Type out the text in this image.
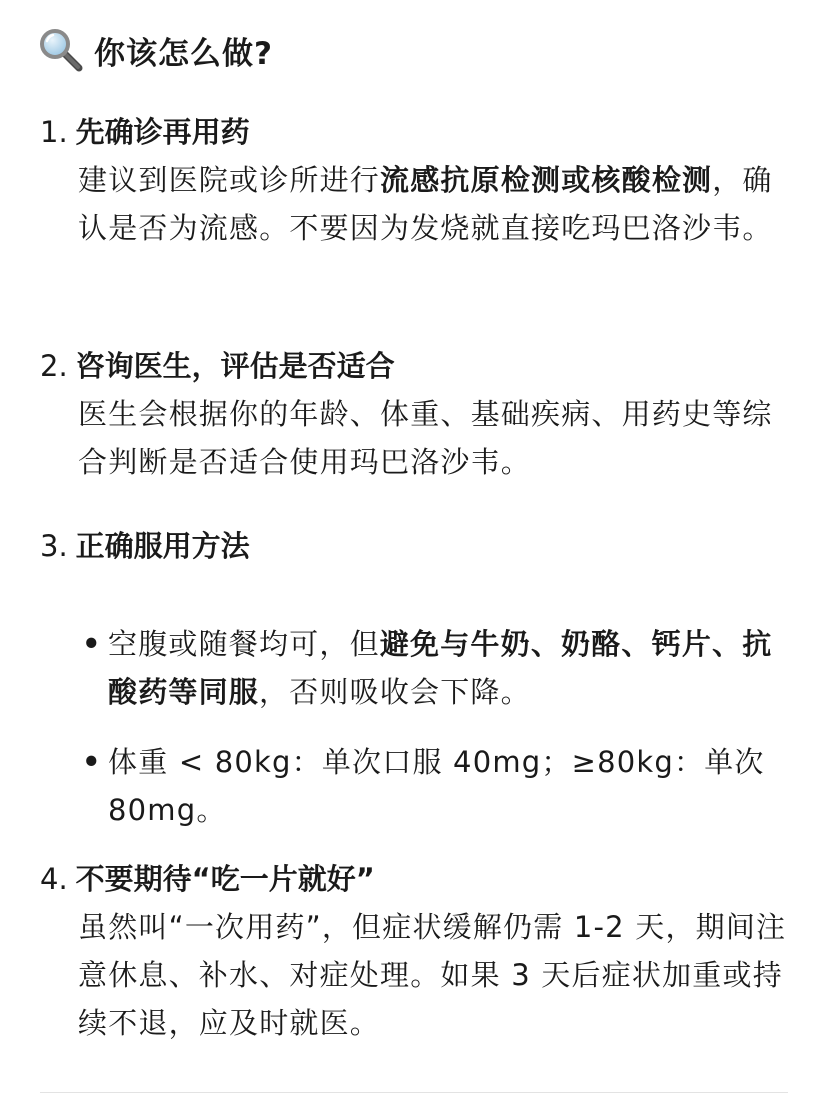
你该怎么做?
1. 先确诊再用药
建议到医院或诊所进行流感抗原检测或核酸检测，确认是否为流感。不要因为发烧就直接吃玛巴洛沙韦。
2. 咨询医生，评估是否适合
医生会根据你的年龄、体重、基础疾病、用药史等综合判断是否适合使用玛巴洛沙韦。
3. 正确服用方法
• 空腹或随餐均可，但避免与牛奶、奶酪、钙片、抗酸药等同服，否则吸收会下降。
• 体重 < 80kg：单次口服 40mg；≥80kg：单次 80mg。
4. 不要期待“吃一片就好”
虽然叫“一次用药”，但症状缓解仍需 1-2 天，期间注意休息、补水、对症处理。如果 3 天后症状加重或持续不退，应及时就医。
